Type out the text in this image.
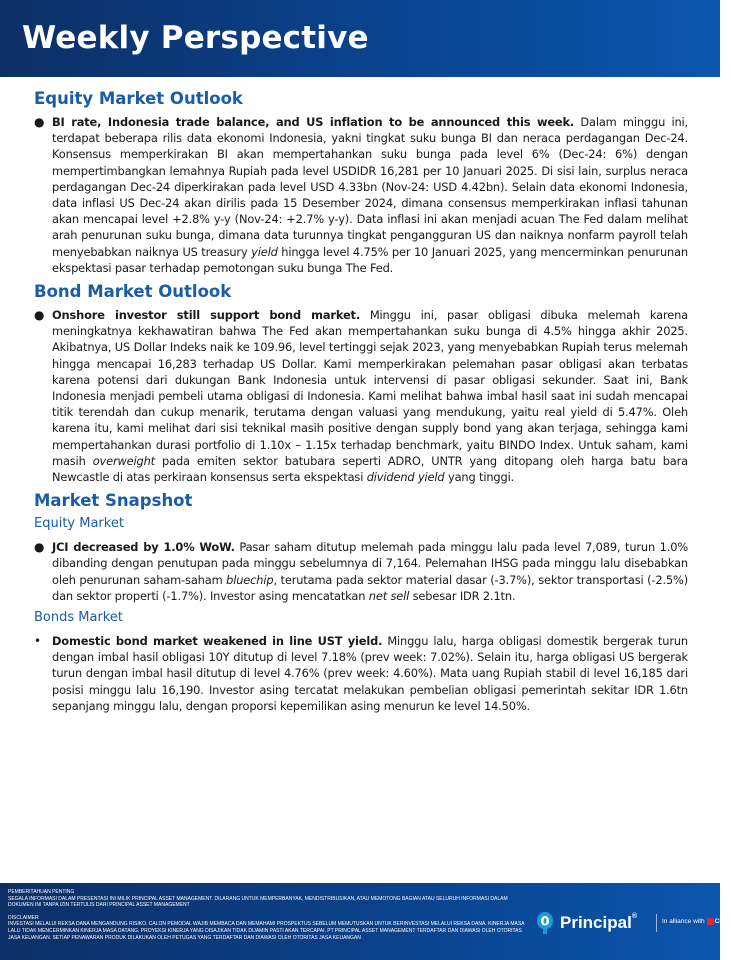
Weekly Perspective
Equity Market Outlook
● BI rate, Indonesia trade balance, and US inflation to be announced this week. Dalam minggu ini, terdapat beberapa rilis data ekonomi Indonesia, yakni tingkat suku bunga BI dan neraca perdagangan Dec-24. Konsensus memperkirakan BI akan mempertahankan suku bunga pada level 6% (Dec-24: 6%) dengan mempertimbangkan lemahnya Rupiah pada level USDIDR 16,281 per 10 Januari 2025. Di sisi lain, surplus neraca perdagangan Dec-24 diperkirakan pada level USD 4.33bn (Nov-24: USD 4.42bn). Selain data ekonomi Indonesia, data inflasi US Dec-24 akan dirilis pada 15 Desember 2024, dimana consensus memperkirakan inflasi tahunan akan mencapai level +2.8% y-y (Nov-24: +2.7% y-y). Data inflasi ini akan menjadi acuan The Fed dalam melihat arah penurunan suku bunga, dimana data turunnya tingkat pengangguran US dan naiknya nonfarm payroll telah menyebabkan naiknya US treasury yield hingga level 4.75% per 10 Januari 2025, yang mencerminkan penurunan ekspektasi pasar terhadap pemotongan suku bunga The Fed.

Bond Market Outlook
● Onshore investor still support bond market. Minggu ini, pasar obligasi dibuka melemah karena meningkatnya kekhawatiran bahwa The Fed akan mempertahankan suku bunga di 4.5% hingga akhir 2025. Akibatnya, US Dollar Indeks naik ke 109.96, level tertinggi sejak 2023, yang menyebabkan Rupiah terus melemah hingga mencapai 16,283 terhadap US Dollar. Kami memperkirakan pelemahan pasar obligasi akan terbatas karena potensi dari dukungan Bank Indonesia untuk intervensi di pasar obligasi sekunder. Saat ini, Bank Indonesia menjadi pembeli utama obligasi di Indonesia. Kami melihat bahwa imbal hasil saat ini sudah mencapai titik terendah dan cukup menarik, terutama dengan valuasi yang mendukung, yaitu real yield di 5.47%. Oleh karena itu, kami melihat dari sisi teknikal masih positive dengan supply bond yang akan terjaga, sehingga kami mempertahankan durasi portfolio di 1.10x – 1.15x terhadap benchmark, yaitu BINDO Index. Untuk saham, kami masih overweight pada emiten sektor batubara seperti ADRO, UNTR yang ditopang oleh harga batu bara Newcastle di atas perkiraan konsensus serta ekspektasi dividend yield yang tinggi.

Market Snapshot
Equity Market
● JCI decreased by 1.0% WoW. Pasar saham ditutup melemah pada minggu lalu pada level 7,089, turun 1.0% dibanding dengan penutupan pada minggu sebelumnya di 7,164. Pelemahan IHSG pada minggu lalu disebabkan oleh penurunan saham-saham bluechip, terutama pada sektor material dasar (-3.7%), sektor transportasi (-2.5%) dan sektor properti (-1.7%). Investor asing mencatatkan net sell sebesar IDR 2.1tn.

Bonds Market
• Domestic bond market weakened in line UST yield. Minggu lalu, harga obligasi domestik bergerak turun dengan imbal hasil obligasi 10Y ditutup di level 7.18% (prev week: 7.02%). Selain itu, harga obligasi US bergerak turun dengan imbal hasil ditutup di level 4.76% (prev week: 4.60%). Mata uang Rupiah stabil di level 16,185 dari posisi minggu lalu 16,190. Investor asing tercatat melakukan pembelian obligasi pemerintah sekitar IDR 1.6tn sepanjang minggu lalu, dengan proporsi kepemilikan asing menurun ke level 14.50%.

PEMBERITAHUAN PENTING
SEGALA INFORMASI DALAM PRESENTASI INI MILIK PRINCIPAL ASSET MANAGEMENT. DILARANG UNTUK MEMPERBANYAK, MENDISTRIBUSIKAN, ATAU MEMOTONG BAGIAN ATAU SELURUH INFORMASI DALAM DOKUMEN INI TANPA IZIN TERTULIS DARI PRINCIPAL ASSET MANAGEMENT
DISCLAIMER
INVESTASI MELALUI REKSA DANA MENGANDUNG RISIKO. CALON PEMODAL WAJIB MEMBACA DAN MEMAHAMI PROSPEKTUS SEBELUM MEMUTUSKAN UNTUK BERINVESTASI MELALUI REKSA DANA. KINERJA MASA LALU TIDAK MENCERMINKAN KINERJA MASA DATANG. PROYEKSI KINERJA YANG DISAJIKAN TIDAK DIJAMIN PASTI AKAN TERCAPAI. PT PRINCIPAL ASSET MANAGEMENT TERDAFTAR DAN DIAWASI OLEH OTORITAS JASA KEUANGAN. SETIAP PENAWARAN PRODUK DILAKUKAN OLEH PETUGAS YANG TERDAFTAR DAN DIAWASI OLEH OTORITAS JASA KEUANGAN
Principal®
In alliance with CIMB
